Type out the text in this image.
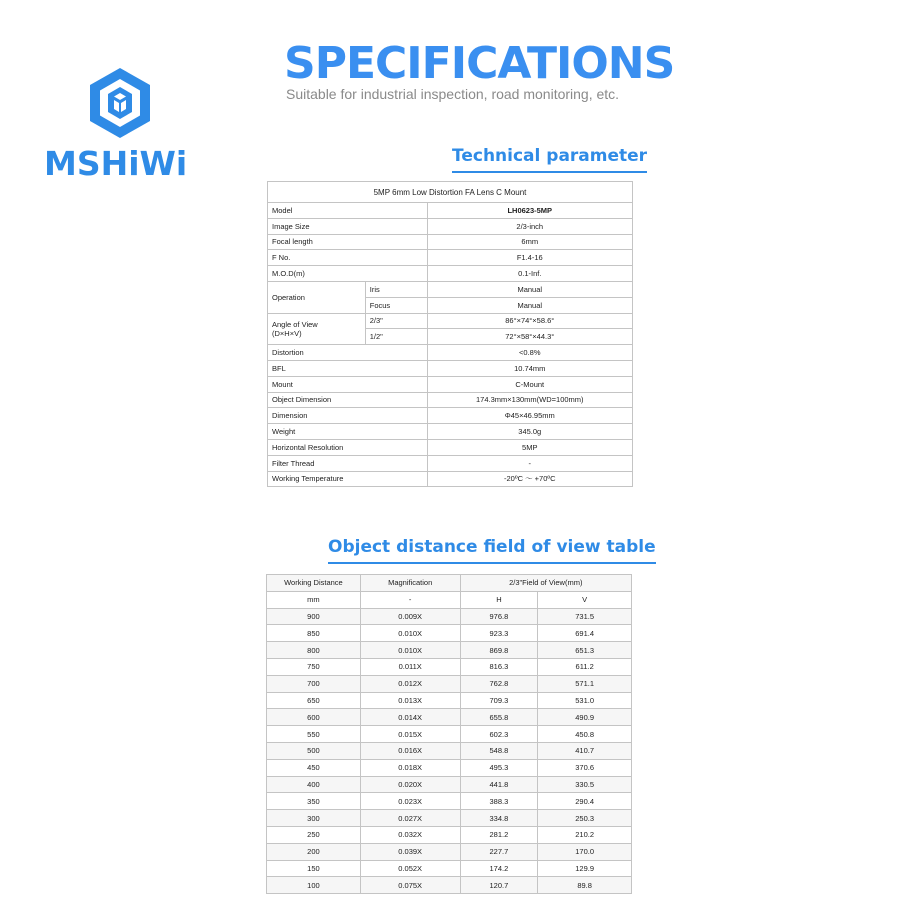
MSHiWi
SPECIFICATIONS
Suitable for industrial inspection, road monitoring, etc.
Technical parameter
5MP 6mm Low Distortion FA Lens C Mount		
Model		LH0623-5MP
Image Size		2/3-inch
Focal length		6mm
F No.		F1.4-16
M.O.D(m)		0.1-Inf.
Operation	Iris	Manual
	Focus	Manual

Angle of View
(D×H×V)	2/3"	86°×74°×58.6°
	1/2"	72°×58°×44.3°
Distortion		<0.8%
BFL		10.74mm
Mount		C-Mount
Object Dimension		174.3mm×130mm(WD=100mm)
Dimension		Φ45×46.95mm
Weight		345.0g
Horizontal Resolution		5MP
Filter Thread		-
Working Temperature		-20ºC ～ +70ºC
Object distance field of view table
Working Distance	Magnification	2/3"Field of View(mm)	
mm	-	H	V
900	0.009X	976.8	731.5
850	0.010X	923.3	691.4
800	0.010X	869.8	651.3
750	0.011X	816.3	611.2
700	0.012X	762.8	571.1
650	0.013X	709.3	531.0
600	0.014X	655.8	490.9
550	0.015X	602.3	450.8
500	0.016X	548.8	410.7
450	0.018X	495.3	370.6
400	0.020X	441.8	330.5
350	0.023X	388.3	290.4
300	0.027X	334.8	250.3
250	0.032X	281.2	210.2
200	0.039X	227.7	170.0
150	0.052X	174.2	129.9
100	0.075X	120.7	89.8
